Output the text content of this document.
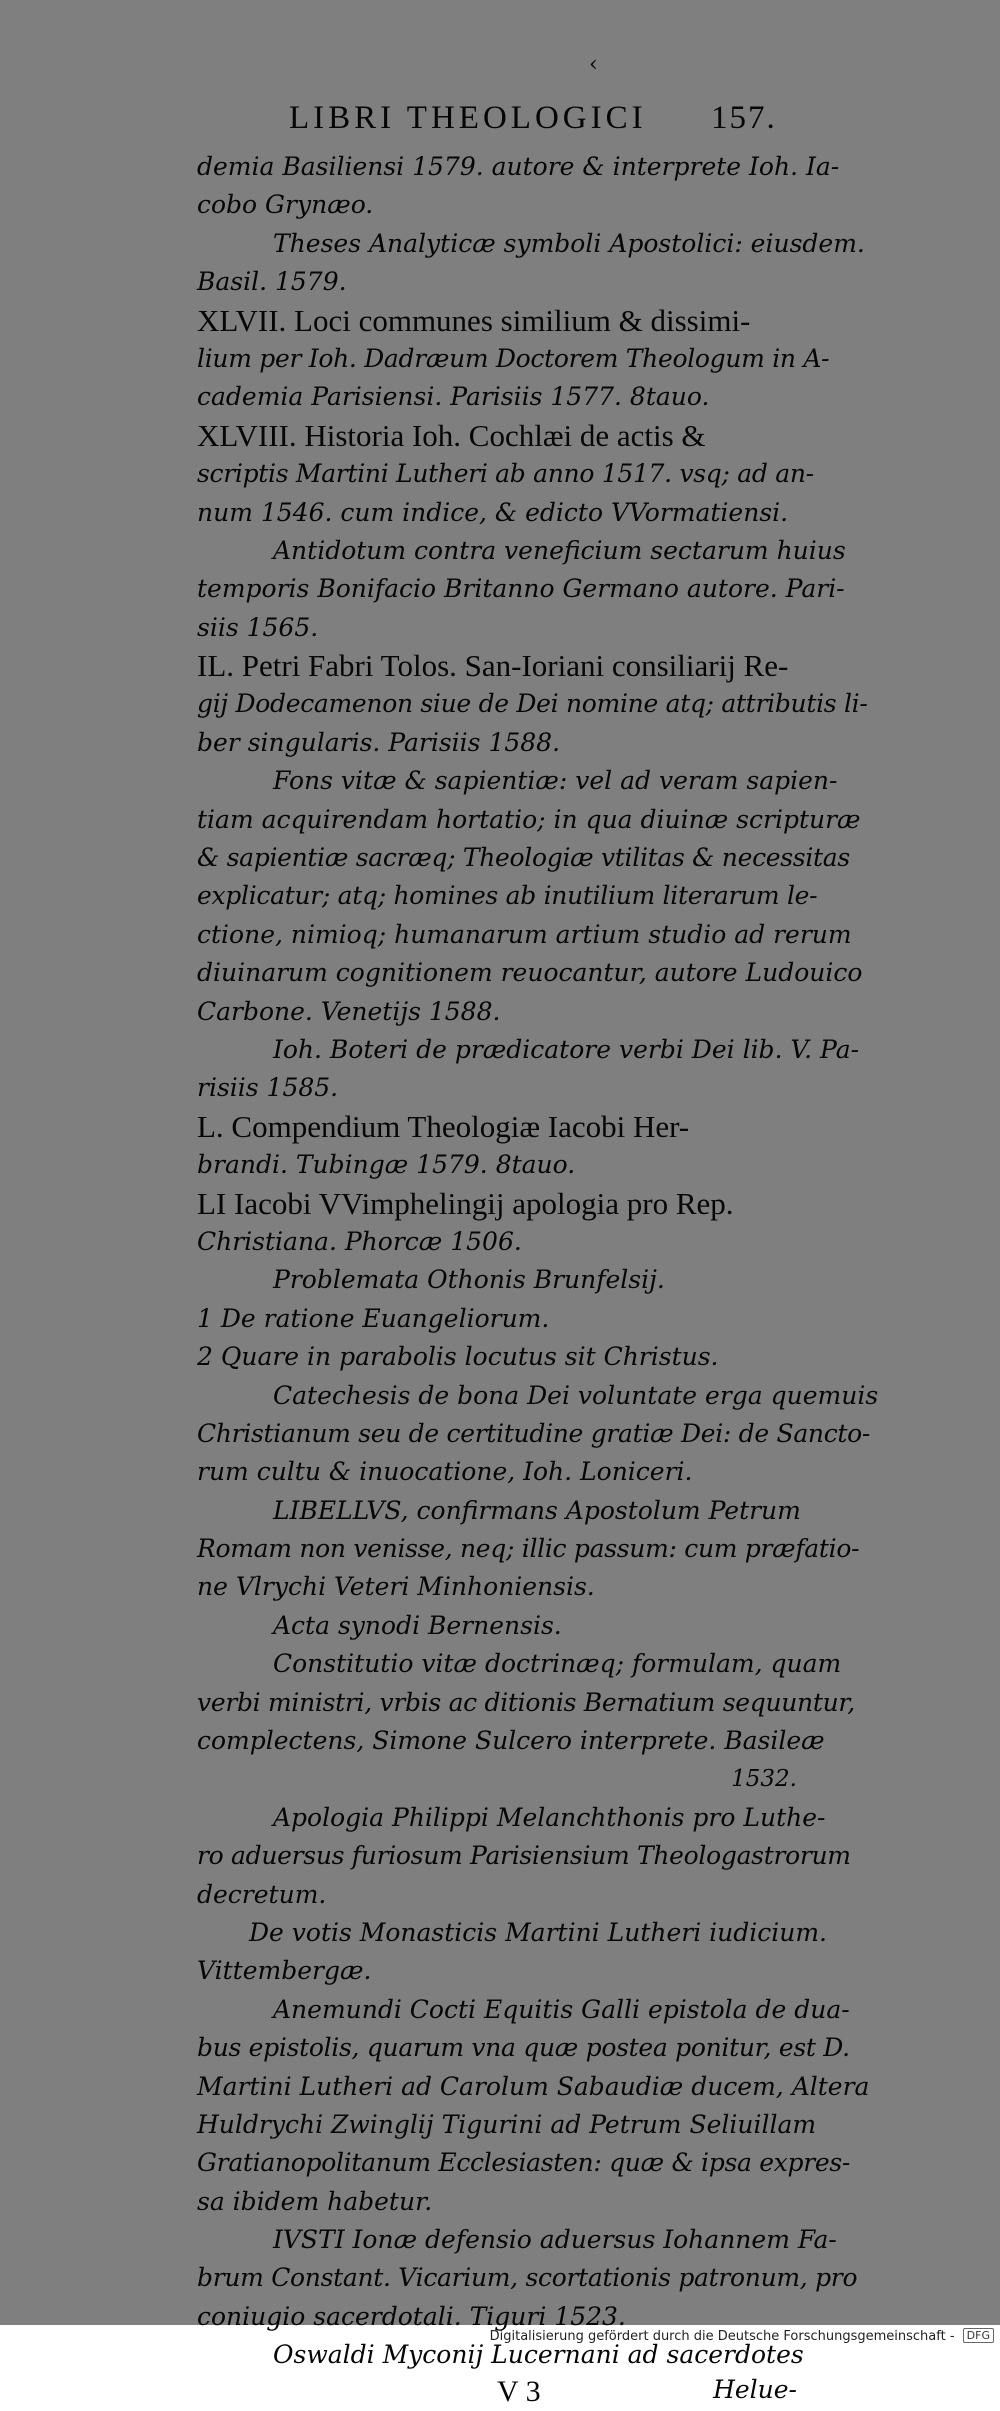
‹
LIBRI THEOLOGICI 157.
demia Basiliensi 1579. autore & interprete Ioh. Ia-
cobo Grynæo.
Theses Analyticæ symboli Apostolici: eiusdem.
Basil. 1579.
XLVII. Loci communes similium & dissimi-
lium per Ioh. Dadræum Doctorem Theologum in A-
cademia Parisiensi. Parisiis 1577. 8tauo.
XLVIII. Historia Ioh. Cochlæi de actis &
scriptis Martini Lutheri ab anno 1517. vsq; ad an-
num 1546. cum indice, & edicto VVormatiensi.
Antidotum contra veneficium sectarum huius
temporis Bonifacio Britanno Germano autore. Pari-
siis 1565.
IL. Petri Fabri Tolos. San-Ioriani consiliarij Re-
gij Dodecamenon siue de Dei nomine atq; attributis li-
ber singularis. Parisiis 1588.
Fons vitæ & sapientiæ: vel ad veram sapien-
tiam acquirendam hortatio; in qua diuinæ scripturæ
& sapientiæ sacræq; Theologiæ vtilitas & necessitas
explicatur; atq; homines ab inutilium literarum le-
ctione, nimioq; humanarum artium studio ad rerum
diuinarum cognitionem reuocantur, autore Ludouico
Carbone. Venetijs 1588.
Ioh. Boteri de prædicatore verbi Dei lib. V. Pa-
risiis 1585.
L. Compendium Theologiæ Iacobi Her-
brandi. Tubingæ 1579. 8tauo.
LI Iacobi VVimphelingij apologia pro Rep.
Christiana. Phorcæ 1506.
Problemata Othonis Brunfelsij.
1 De ratione Euangeliorum.
2 Quare in parabolis locutus sit Christus.
Catechesis de bona Dei voluntate erga quemuis
Christianum seu de certitudine gratiæ Dei: de Sancto-
rum cultu & inuocatione, Ioh. Loniceri.
LIBELLVS, confirmans Apostolum Petrum
Romam non venisse, neq; illic passum: cum præfatio-
ne Vlrychi Veteri Minhoniensis.
Acta synodi Bernensis.
Constitutio vitæ doctrinæq; formulam, quam
verbi ministri, vrbis ac ditionis Bernatium sequuntur,
complectens, Simone Sulcero interprete. Basileæ
1532.
Apologia Philippi Melanchthonis pro Luthe-
ro aduersus furiosum Parisiensium Theologastrorum
decretum.
De votis Monasticis Martini Lutheri iudicium.
Vittembergæ.
Anemundi Cocti Equitis Galli epistola de dua-
bus epistolis, quarum vna quæ postea ponitur, est D.
Martini Lutheri ad Carolum Sabaudiæ ducem, Altera
Huldrychi Zwinglij Tigurini ad Petrum Seliuillam
Gratianopolitanum Ecclesiasten: quæ & ipsa expres-
sa ibidem habetur.
IVSTI Ionæ defensio aduersus Iohannem Fa-
brum Constant. Vicarium, scortationis patronum, pro
coniugio sacerdotali. Tiguri 1523.
Oswaldi Myconij Lucernani ad sacerdotes
V 3	Helue-
Digitalisierung gefördert durch die Deutsche Forschungsgemeinschaft - DFG
